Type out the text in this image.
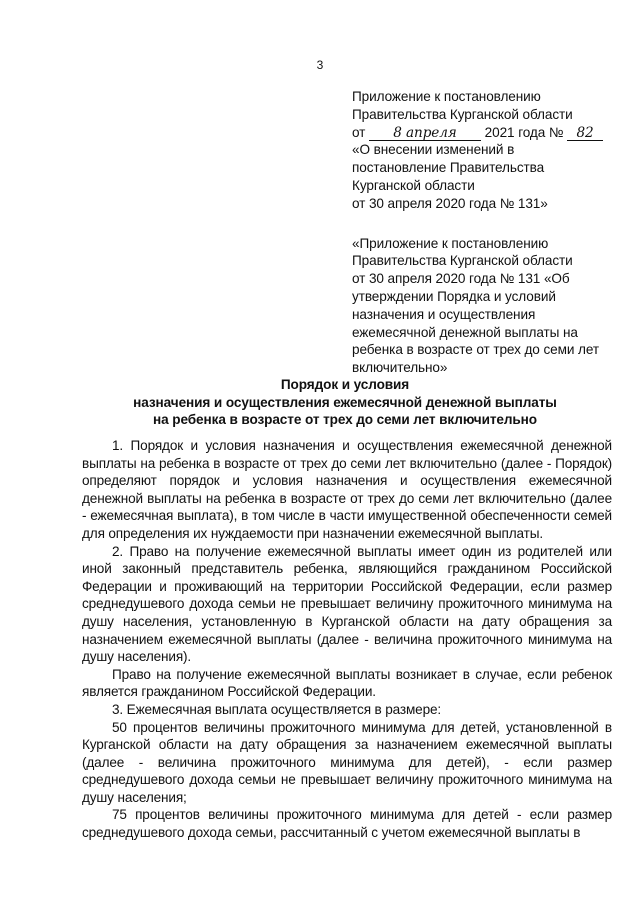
3

Приложение к постановлению

Правительства Курганской области

от 8 апреля 2021 года № 82

«О внесении изменений в

постановление Правительства

Курганской области

от 30 апреля 2020 года № 131»

«Приложение к постановлению

Правительства Курганской области

от 30 апреля 2020 года № 131 «Об

утверждении Порядка и условий

назначения и осуществления

ежемесячной денежной выплаты на

ребенка в возрасте от трех до семи лет

включительно»

Порядок и условия

назначения и осуществления ежемесячной денежной выплаты

на ребенка в возрасте от трех до семи лет включительно

1. Порядок и условия назначения и осуществления ежемесячной денежной выплаты на ребенка в возрасте от трех до семи лет включительно (далее - Порядок) определяют порядок и условия назначения и осуществления ежемесячной денежной выплаты на ребенка в возрасте от трех до семи лет включительно (далее - ежемесячная выплата), в том числе в части имущественной обеспеченности семей для определения их нуждаемости при назначении ежемесячной выплаты.

2. Право на получение ежемесячной выплаты имеет один из родителей или иной законный представитель ребенка, являющийся гражданином Российской Федерации и проживающий на территории Российской Федерации, если размер среднедушевого дохода семьи не превышает величину прожиточного минимума на душу населения, установленную в Курганской области на дату обращения за назначением ежемесячной выплаты (далее - величина прожиточного минимума на душу населения).

Право на получение ежемесячной выплаты возникает в случае, если ребенок является гражданином Российской Федерации.

3. Ежемесячная выплата осуществляется в размере:

50 процентов величины прожиточного минимума для детей, установленной в Курганской области на дату обращения за назначением ежемесячной выплаты (далее - величина прожиточного минимума для детей), - если размер среднедушевого дохода семьи не превышает величину прожиточного минимума на душу населения;

75 процентов величины прожиточного минимума для детей - если размер среднедушевого дохода семьи, рассчитанный с учетом ежемесячной выплаты в
